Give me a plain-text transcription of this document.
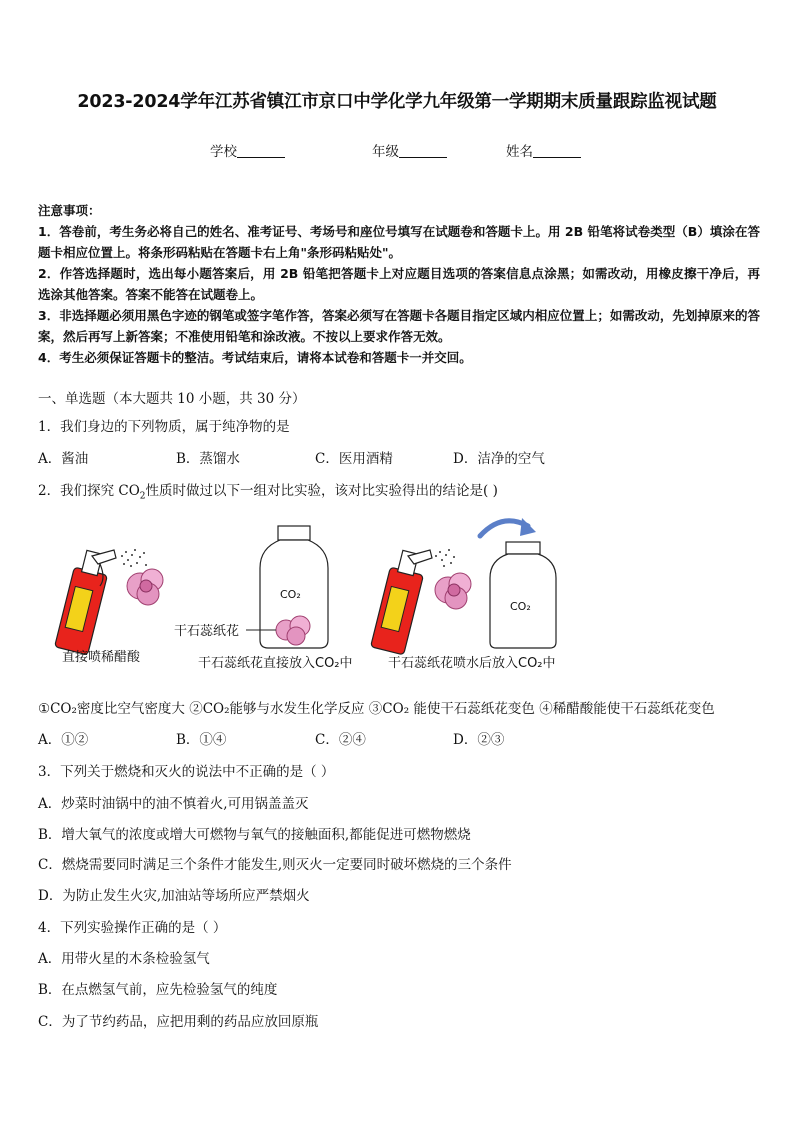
2023-2024学年江苏省镇江市京口中学化学九年级第一学期期末质量跟踪监视试题
学校	年级	姓名

注意事项：

1．答卷前，考生务必将自己的姓名、准考证号、考场号和座位号填写在试题卷和答题卡上。用 2B 铅笔将试卷类型（B）填涂在答题卡相应位置上。将条形码粘贴在答题卡右上角"条形码粘贴处"。

2．作答选择题时，选出每小题答案后，用 2B 铅笔把答题卡上对应题目选项的答案信息点涂黑；如需改动，用橡皮擦干净后，再选涂其他答案。答案不能答在试题卷上。

3．非选择题必须用黑色字迹的钢笔或签字笔作答，答案必须写在答题卡各题目指定区域内相应位置上；如需改动，先划掉原来的答案，然后再写上新答案；不准使用铅笔和涂改液。不按以上要求作答无效。

4．考生必须保证答题卡的整洁。考试结束后，请将本试卷和答题卡一并交回。

一、单选题（本大题共 10 小题，共 30 分）
1．我们身边的下列物质，属于纯净物的是
A．酱油	B．蒸馏水	C．医用酒精	D．洁净的空气
2．我们探究 $CO_2$性质时做过以下一组对比实验，该对比实验得出的结论是( )
直接喷稀醋酸
CO₂
干石蕊纸花
干石蕊纸花直接放入CO₂中
CO₂
干石蕊纸花喷水后放入CO₂中
①CO₂密度比空气密度大 ②CO₂能够与水发生化学反应 ③CO₂ 能使干石蕊纸花变色 ④稀醋酸能使干石蕊纸花变色
A．①②	B．①④	C．②④	D．②③
3．下列关于燃烧和灭火的说法中不正确的是（ ）
A．炒菜时油锅中的油不慎着火,可用锅盖盖灭
B．增大氧气的浓度或增大可燃物与氧气的接触面积,都能促进可燃物燃烧
C．燃烧需要同时满足三个条件才能发生,则灭火一定要同时破坏燃烧的三个条件
D．为防止发生火灾,加油站等场所应严禁烟火
4．下列实验操作正确的是（ ）
A．用带火星的木条检验氢气
B．在点燃氢气前，应先检验氢气的纯度
C．为了节约药品，应把用剩的药品应放回原瓶
